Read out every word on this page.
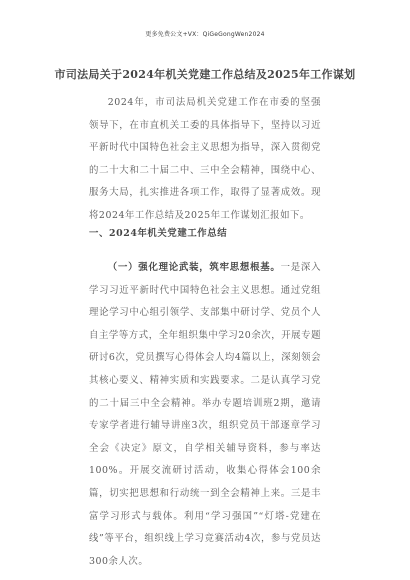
更多免费公文+VX：QiGeGongWen2024
市司法局关于2024年机关党建工作总结及2025年工作谋划
2024年，市司法局机关党建工作在市委的坚强领导下，在市直机关工委的具体指导下，坚持以习近平新时代中国特色社会主义思想为指导，深入贯彻党的二十大和二十届二中、三中全会精神，围绕中心、服务大局，扎实推进各项工作，取得了显著成效。现将2024年工作总结及2025年工作谋划汇报如下。
一、2024年机关党建工作总结
（一）强化理论武装，筑牢思想根基。一是深入学习习近平新时代中国特色社会主义思想。通过党组理论学习中心组引领学、支部集中研讨学、党员个人自主学等方式，全年组织集中学习20余次，开展专题研讨6次，党员撰写心得体会人均4篇以上，深刻领会其核心要义、精神实质和实践要求。二是认真学习党的二十届三中全会精神。举办专题培训班2期，邀请专家学者进行辅导讲座3次，组织党员干部逐章学习全会《决定》原文，自学相关辅导资料，参与率达100%。开展交流研讨活动，收集心得体会100余篇，切实把思想和行动统一到全会精神上来。三是丰富学习形式与载体。利用“学习强国”“灯塔-党建在线”等平台，组织线上学习竞赛活动4次，参与党员达300余人次。
